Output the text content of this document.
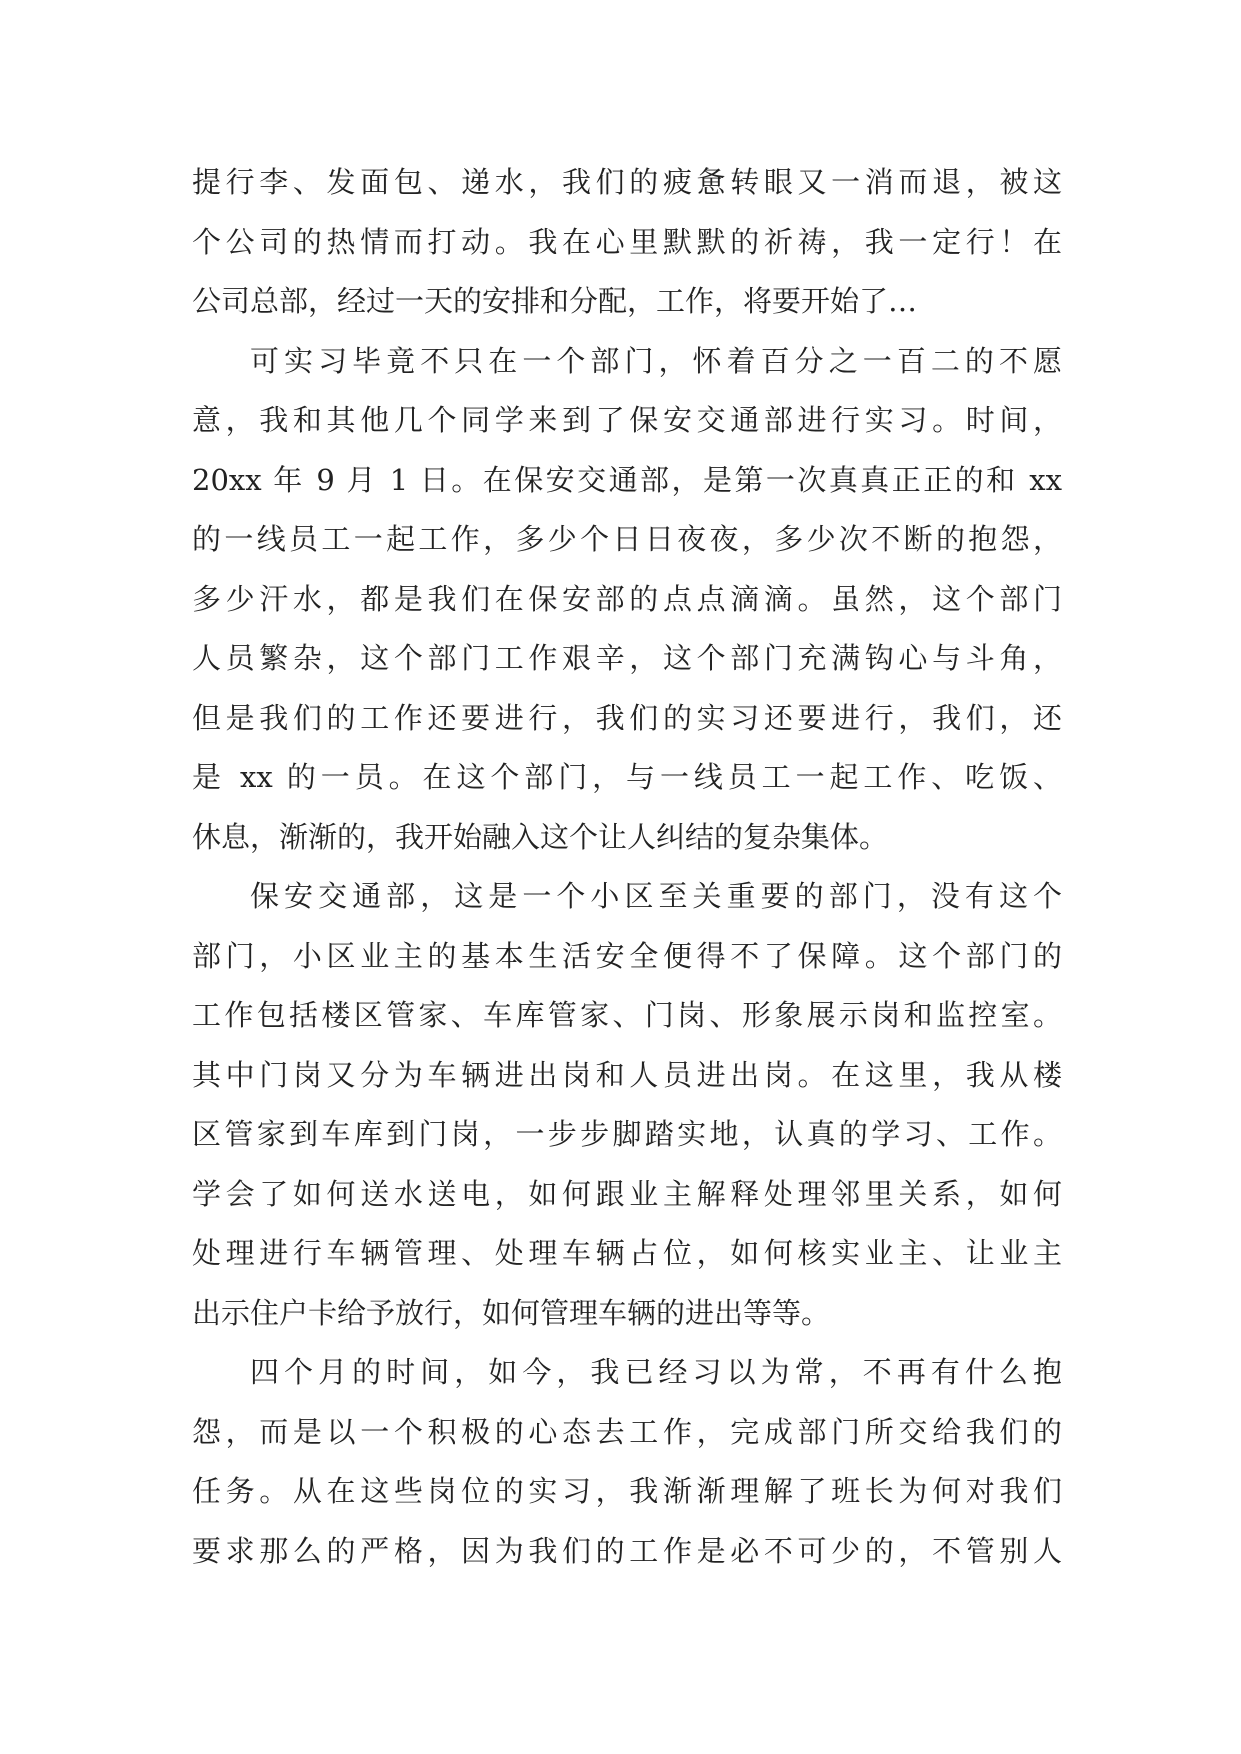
提行李、发面包、递水，我们的疲惫转眼又一消而退，被这
个公司的热情而打动。我在心里默默的祈祷，我一定行！在
公司总部，经过一天的安排和分配，工作，将要开始了…
可实习毕竟不只在一个部门，怀着百分之一百二的不愿
意，我和其他几个同学来到了保安交通部进行实习。时间，
20xx 年 9 月 1 日。在保安交通部，是第一次真真正正的和 xx
的一线员工一起工作，多少个日日夜夜，多少次不断的抱怨，
多少汗水，都是我们在保安部的点点滴滴。虽然，这个部门
人员繁杂，这个部门工作艰辛，这个部门充满钩心与斗角，
但是我们的工作还要进行，我们的实习还要进行，我们，还
是 xx 的一员。在这个部门，与一线员工一起工作、吃饭、
休息，渐渐的，我开始融入这个让人纠结的复杂集体。
保安交通部，这是一个小区至关重要的部门，没有这个
部门，小区业主的基本生活安全便得不了保障。这个部门的
工作包括楼区管家、车库管家、门岗、形象展示岗和监控室。
其中门岗又分为车辆进出岗和人员进出岗。在这里，我从楼
区管家到车库到门岗，一步步脚踏实地，认真的学习、工作。
学会了如何送水送电，如何跟业主解释处理邻里关系，如何
处理进行车辆管理、处理车辆占位，如何核实业主、让业主
出示住户卡给予放行，如何管理车辆的进出等等。
四个月的时间，如今，我已经习以为常，不再有什么抱
怨，而是以一个积极的心态去工作，完成部门所交给我们的
任务。从在这些岗位的实习，我渐渐理解了班长为何对我们
要求那么的严格，因为我们的工作是必不可少的，不管别人
